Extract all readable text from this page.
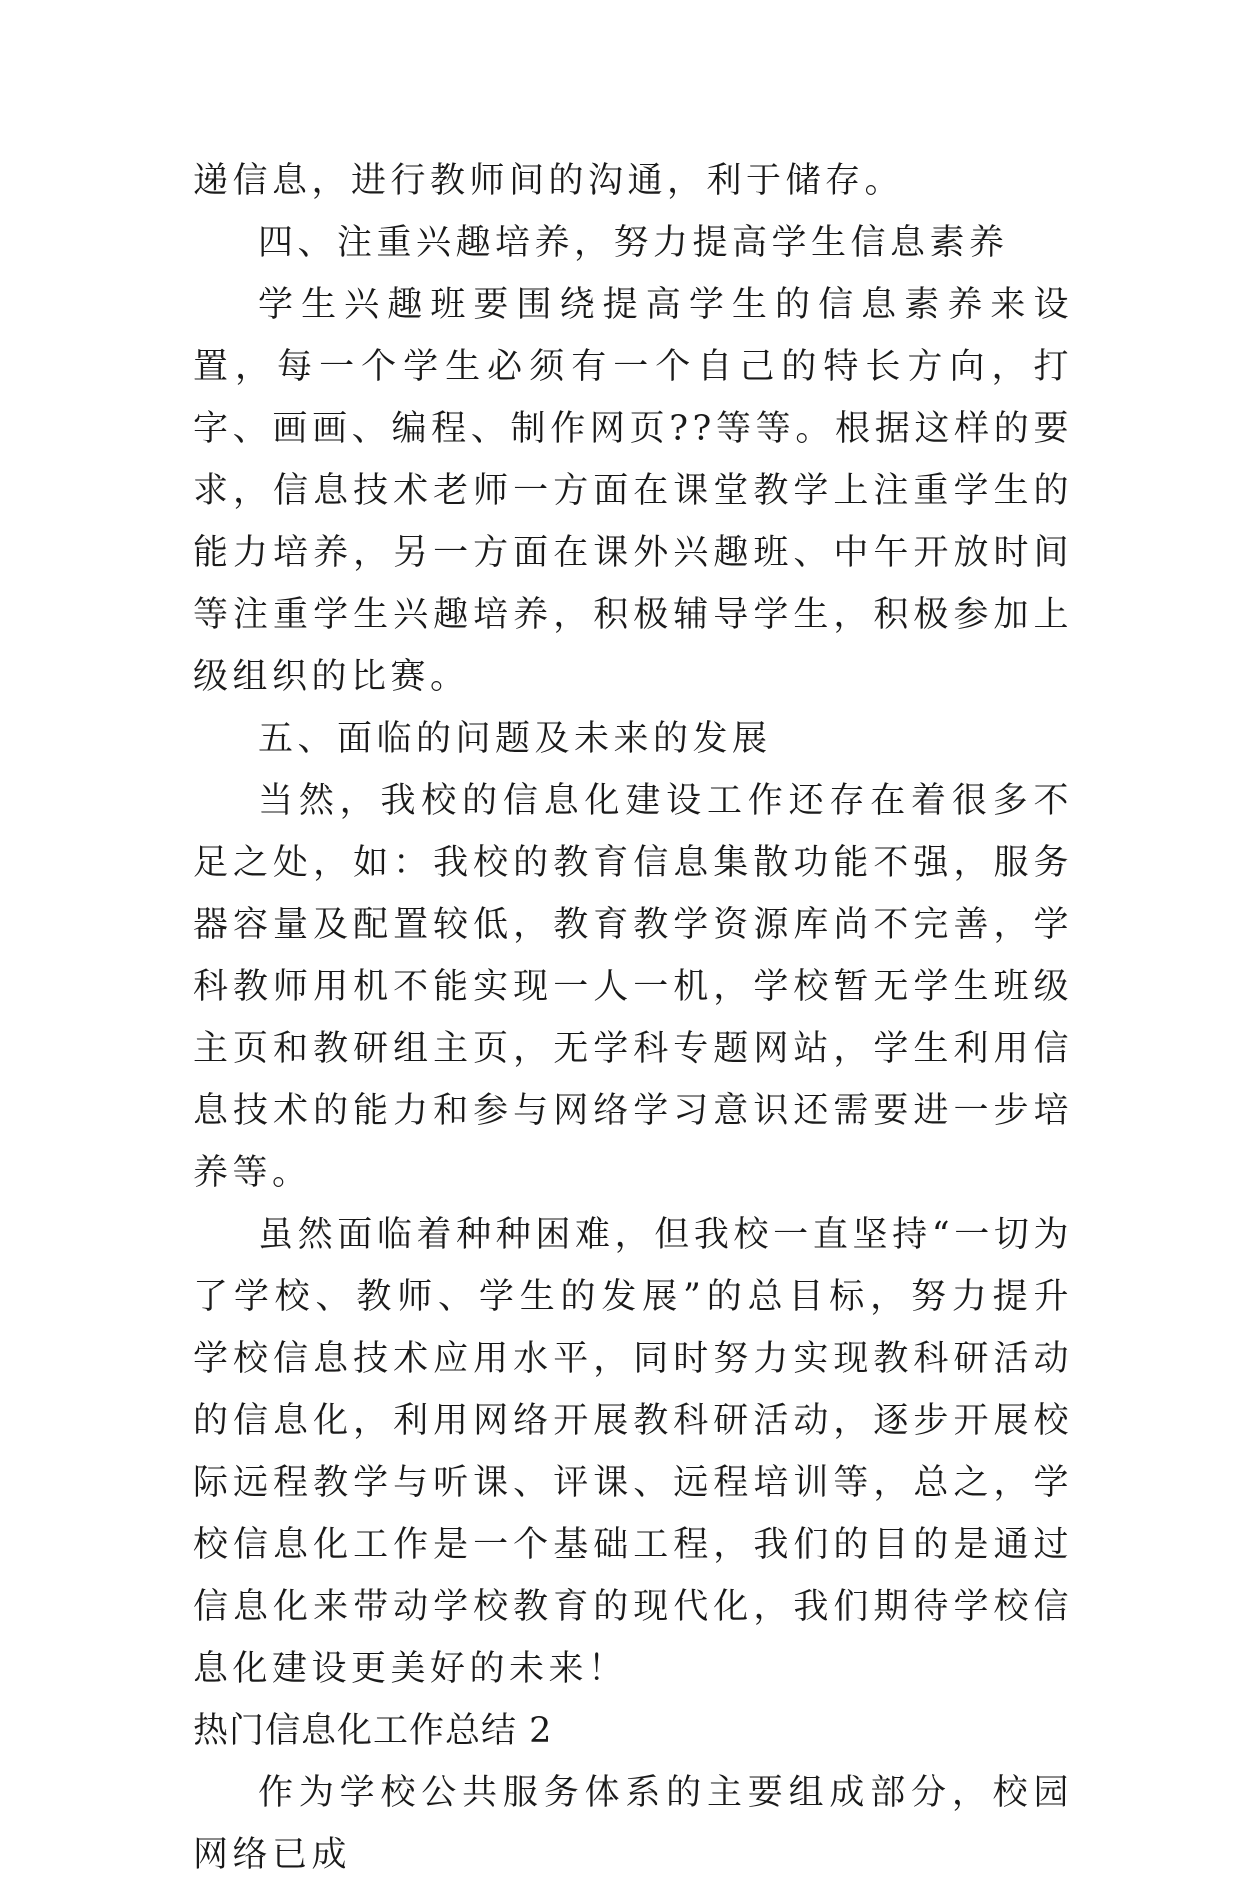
递信息，进行教师间的沟通，利于储存。

四、注重兴趣培养，努力提高学生信息素养

学生兴趣班要围绕提高学生的信息素养来设置，每一个学生必须有一个自己的特长方向，打字、画画、编程、制作网页??等等。根据这样的要求，信息技术老师一方面在课堂教学上注重学生的能力培养，另一方面在课外兴趣班、中午开放时间等注重学生兴趣培养，积极辅导学生，积极参加上级组织的比赛。

五、面临的问题及未来的发展

当然，我校的信息化建设工作还存在着很多不足之处，如：我校的教育信息集散功能不强，服务器容量及配置较低，教育教学资源库尚不完善，学科教师用机不能实现一人一机，学校暂无学生班级主页和教研组主页，无学科专题网站，学生利用信息技术的能力和参与网络学习意识还需要进一步培养等。

虽然面临着种种困难，但我校一直坚持“一切为了学校、教师、学生的发展”的总目标，努力提升学校信息技术应用水平，同时努力实现教科研活动的信息化，利用网络开展教科研活动，逐步开展校际远程教学与听课、评课、远程培训等，总之，学校信息化工作是一个基础工程，我们的目的是通过信息化来带动学校教育的现代化，我们期待学校信息化建设更美好的未来！

热门信息化工作总结 2

作为学校公共服务体系的主要组成部分，校园网络已成
